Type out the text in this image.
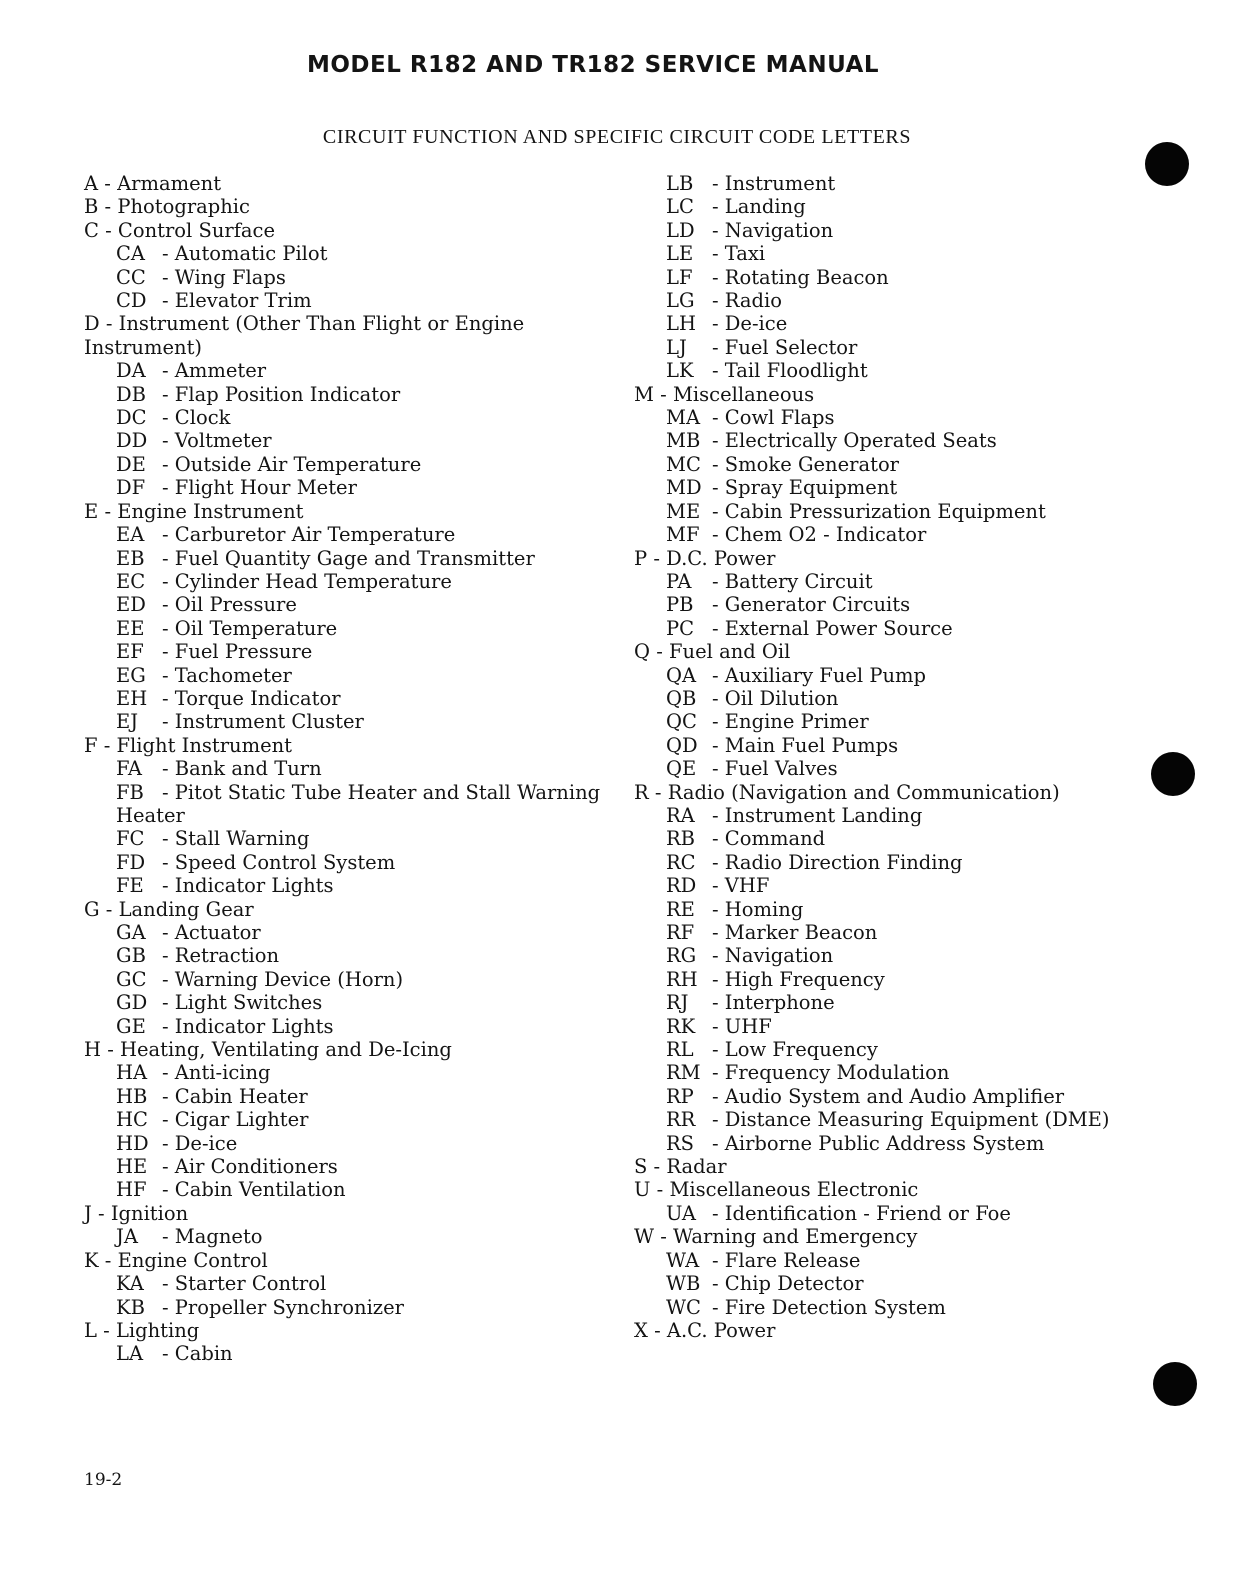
MODEL R182 AND TR182 SERVICE MANUAL
CIRCUIT FUNCTION AND SPECIFIC CIRCUIT CODE LETTERS
A - Armament
B - Photographic
C - Control Surface
CA - Automatic Pilot
CC - Wing Flaps
CD - Elevator Trim
D - Instrument (Other Than Flight or Engine
Instrument)
DA - Ammeter
DB - Flap Position Indicator
DC - Clock
DD - Voltmeter
DE - Outside Air Temperature
DF - Flight Hour Meter
E - Engine Instrument
EA - Carburetor Air Temperature
EB - Fuel Quantity Gage and Transmitter
EC - Cylinder Head Temperature
ED - Oil Pressure
EE - Oil Temperature
EF - Fuel Pressure
EG - Tachometer
EH - Torque Indicator
EJ - Instrument Cluster
F - Flight Instrument
FA - Bank and Turn
FB - Pitot Static Tube Heater and Stall Warning
Heater
FC - Stall Warning
FD - Speed Control System
FE - Indicator Lights
G - Landing Gear
GA - Actuator
GB - Retraction
GC - Warning Device (Horn)
GD - Light Switches
GE - Indicator Lights
H - Heating, Ventilating and De-Icing
HA - Anti-icing
HB - Cabin Heater
HC - Cigar Lighter
HD - De-ice
HE - Air Conditioners
HF - Cabin Ventilation
J - Ignition
JA - Magneto
K - Engine Control
KA - Starter Control
KB - Propeller Synchronizer
L - Lighting
LA - Cabin
LB - Instrument
LC - Landing
LD - Navigation
LE - Taxi
LF - Rotating Beacon
LG - Radio
LH - De-ice
LJ - Fuel Selector
LK - Tail Floodlight
M - Miscellaneous
MA - Cowl Flaps
MB - Electrically Operated Seats
MC - Smoke Generator
MD - Spray Equipment
ME - Cabin Pressurization Equipment
MF - Chem O2 - Indicator
P - D.C. Power
PA - Battery Circuit
PB - Generator Circuits
PC - External Power Source
Q - Fuel and Oil
QA - Auxiliary Fuel Pump
QB - Oil Dilution
QC - Engine Primer
QD - Main Fuel Pumps
QE - Fuel Valves
R - Radio (Navigation and Communication)
RA - Instrument Landing
RB - Command
RC - Radio Direction Finding
RD - VHF
RE - Homing
RF - Marker Beacon
RG - Navigation
RH - High Frequency
RJ - Interphone
RK - UHF
RL - Low Frequency
RM - Frequency Modulation
RP - Audio System and Audio Amplifier
RR - Distance Measuring Equipment (DME)
RS - Airborne Public Address System
S - Radar
U - Miscellaneous Electronic
UA - Identification - Friend or Foe
W - Warning and Emergency
WA - Flare Release
WB - Chip Detector
WC - Fire Detection System
X - A.C. Power
19-2
